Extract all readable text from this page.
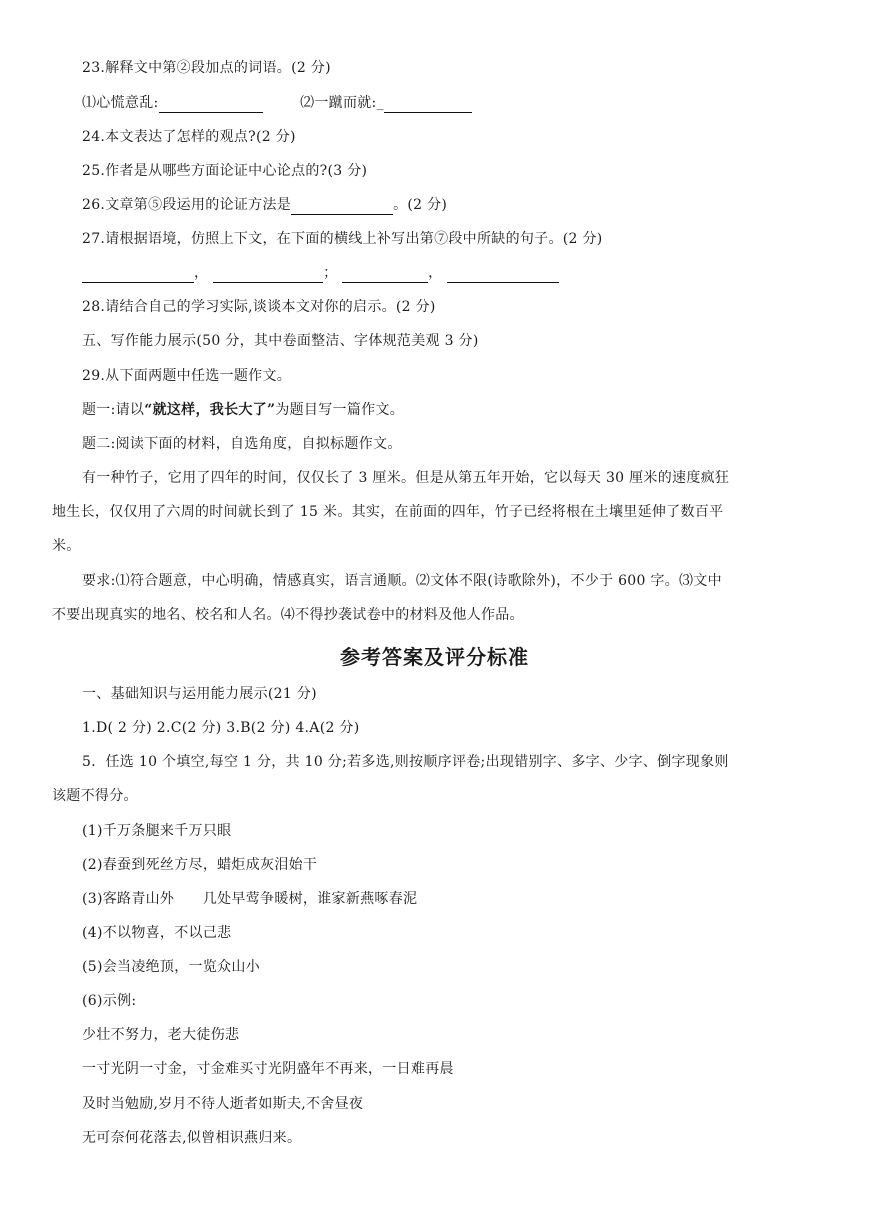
23.解释文中第②段加点的词语。(2 分)
⑴心慌意乱:	⑵一蹴而就:_
24.本文表达了怎样的观点?(2 分)
25.作者是从哪些方面论证中心论点的?(3 分)
26.文章第⑤段运用的论证方法是	。(2 分)
27.请根据语境，仿照上下文，在下面的横线上补写出第⑦段中所缺的句子。(2 分)
，	；	，
28.请结合自己的学习实际,谈谈本文对你的启示。(2 分)
五、写作能力展示(50 分，其中卷面整洁、字体规范美观 3 分)
29.从下面两题中任选一题作文。
题一:请以“就这样，我长大了”为题目写一篇作文。
题二:阅读下面的材料，自选角度，自拟标题作文。
有一种竹子，它用了四年的时间，仅仅长了 3 厘米。但是从第五年开始，它以每天 30 厘米的速度疯狂
地生长，仅仅用了六周的时间就长到了 15 米。其实，在前面的四年，竹子已经将根在土壤里延伸了数百平
米。
要求:⑴符合题意，中心明确，情感真实，语言通顺。⑵文体不限(诗歌除外)，不少于 600 字。⑶文中
不要出现真实的地名、校名和人名。⑷不得抄袭试卷中的材料及他人作品。
参考答案及评分标准
一、基础知识与运用能力展示(21 分)
1.D( 2 分) 2.C(2 分) 3.B(2 分) 4.A(2 分)
5．任选 10 个填空,每空 1 分，共 10 分;若多选,则按顺序评卷;出现错别字、多字、少字、倒字现象则
该题不得分。
(1)千万条腿来千万只眼
(2)春蚕到死丝方尽，蜡炬成灰泪始干
(3)客路青山外　　几处早莺争暖树，谁家新燕啄春泥
(4)不以物喜，不以己悲
(5)会当凌绝顶，一览众山小
(6)示例:
少壮不努力，老大徒伤悲
一寸光阴一寸金，寸金难买寸光阴盛年不再来，一日难再晨
及时当勉励,岁月不待人逝者如斯夫,不舍昼夜
无可奈何花落去,似曾相识燕归来。
